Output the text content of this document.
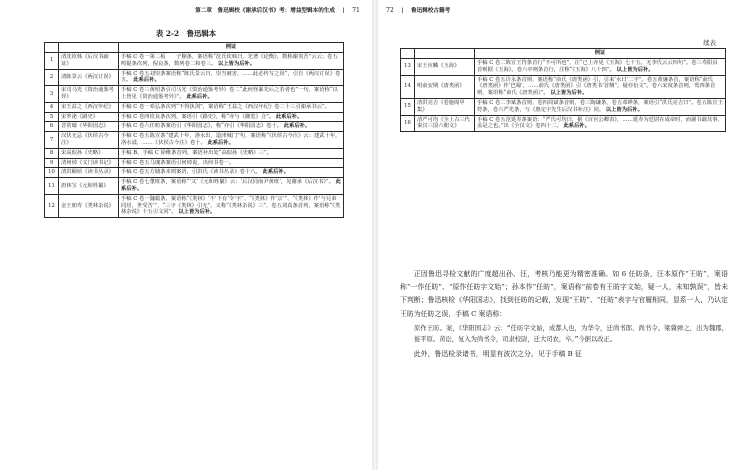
第二章　鲁迅辑校《谢承后汉书》考：增益型辑本的生成 　|　 71
表 2-2　鲁迅辑本
		例证
1	清沈钦韩《后汉书疏证》	手稿 C 卷一第二板　　子顺条，案语称“沈氏钦韩曰，光著《论衡》，数称谢夷吾”云云；卷五鸣提条次列，倪良条，数列卷二和卷三。 以上皆为后补。
2	清陈景云《两汉订误》	手稿 C 卷五刘崇条案语称“陈氏景云曰，崇当被害，……此必传写之误”，引自《两汉订误》卷五。 此系后补。
3	宋司马光《资治通鉴考异》	手稿 C 卷三黄绍条引司马光《资治通鉴考异》卷二“此何怪暴先后之若者也”一句，案语称“以上皆见《资治通鉴考异》”。 此系后补。
4	宋王益之《西汉年纪》	手稿 C 卷一邓弘条次列“不得执剑”，案语称“王益之《西汉年纪》卷二十三引谢承书云”。
5	宋罗泌《路史》	手稿 C 卷四钦良条次列，案语引《路史》，称“亦与《御览》合”。 此系后补。
6	晋常璩《华阳国志》	手稿 C 卷六任昉条案语引《华阳国志》，称“亦引《华阳国志》卷十。 此系后补。
7	汉伏无忌《伏侯古今注》	手稿 C 卷五陈宣条“建武十年，洛水出，造津城门”句，案语称“《伏侯古今注》云：建武十年，洛水溢，……《伏侯古今注》卷十。 此系后补。
8	宋高似孙《史略》	手稿 B、手稿 C 徐稚条首列，案语补出处“高似孙《史略》三”。
9	清何焯《义门读书记》	手稿 C 卷五马瑰条案语引何焯说，出何书卷一。
10	清洪颐煊《读书丛录》	手稿 C 卷五方储条末则案语，引洪氏《读书丛录》卷十八。 此系后补。
11	唐林宝《元和姓纂》	手稿 C 卷七董班条，案语称“‘又’《元和姓纂》云：‘后汉同南尹黄班’，见谢承《后汉书》”。 此系后补。
12	金王朋寿《类林杂说》	手稿 C 卷一魏霸条，案语称“《类林》‘不’下有‘令’字”、“《类林》作‘宗’”、“《类林》作‘与兄弟同居，世受苦’”、“三字《类林》引无”，又称“《类林杂说》三”，卷五刘真条首列，案语称“《类林杂说》十五引文同”。 以上皆为后补。
72 　|　 鲁迅辑校古籍考
续表
		例证
13	宋王应麟《玉海》	手稿 C 卷二陈宣王符条首行“不可所也”，注“已上亦见《玉海》七十五，无李氏云云四句”。卷三寿阳县首则据《玉海》。卷六中则条首行，注称“《玉海》八十四”。 以上皆为后补。
14	明俞安期《唐类函》	手稿 C 卷五许永条首则，案语称“俞氏《唐类函》引，引来‘水日’二字”。卷五黄廉条首，案语称“俞氏《唐类函》作‘巴蜀’，……俞氏《唐类函》引《唐类书’首侧”，疑亦衍文”。卷六宋度条首则，鸾四条首则，案语称“俞氏《唐类函》”。 以上皆为后补。
15	清洪亮吉《卷施阁甲集》	手稿 C 卷二李斌条首则，卷四周斌条首则，卷三陶谦条，卷五邓晔条，案语引“洪氏亮吉曰”。卷五陈宣王符条，卷六严光条，与《惠定宇先生后汉书补注》同。 以上皆为后补。
16	清严可均《全上古三代秦汉三国六朝文》	手稿 C 卷五范延寿条案语：“严氏可均曰，据《百官公卿表》，……延寿为廷尉在成帝时，而谢书载其事，盖是之也。”出《全汉文》卷四十二。 此系后补。

正因鲁迅寻检文献的广度超出孙、汪，考核乃能更为精密准确。如 6 任昉条，汪本原作“王昉”，案语称“一作任昉”、“原作任昉字文始”；孙本作“任昉”，案语称“前卷有王昉字文始，疑一人，未知孰误”，皆未下判断；鲁迅核检《华阳国志》，找到任昉的记载，发现“王昉”、“任昉”表字与官履相同，显系一人，乃认定王昉为任昉之误，手稿 C 案语称：

原作王昉。案，《华阳国志》云：“任昉字文始，成都人也，为华令，迁尚书郎、尚书令。梁冀弹之，出为魏郡，徙平原。黄讼，复入为尚书令，司隶校尉，迁大司农，卒。”今据以改正。

此外，鲁迅检录诸书，明显有波次之分。见于手稿 B 征
